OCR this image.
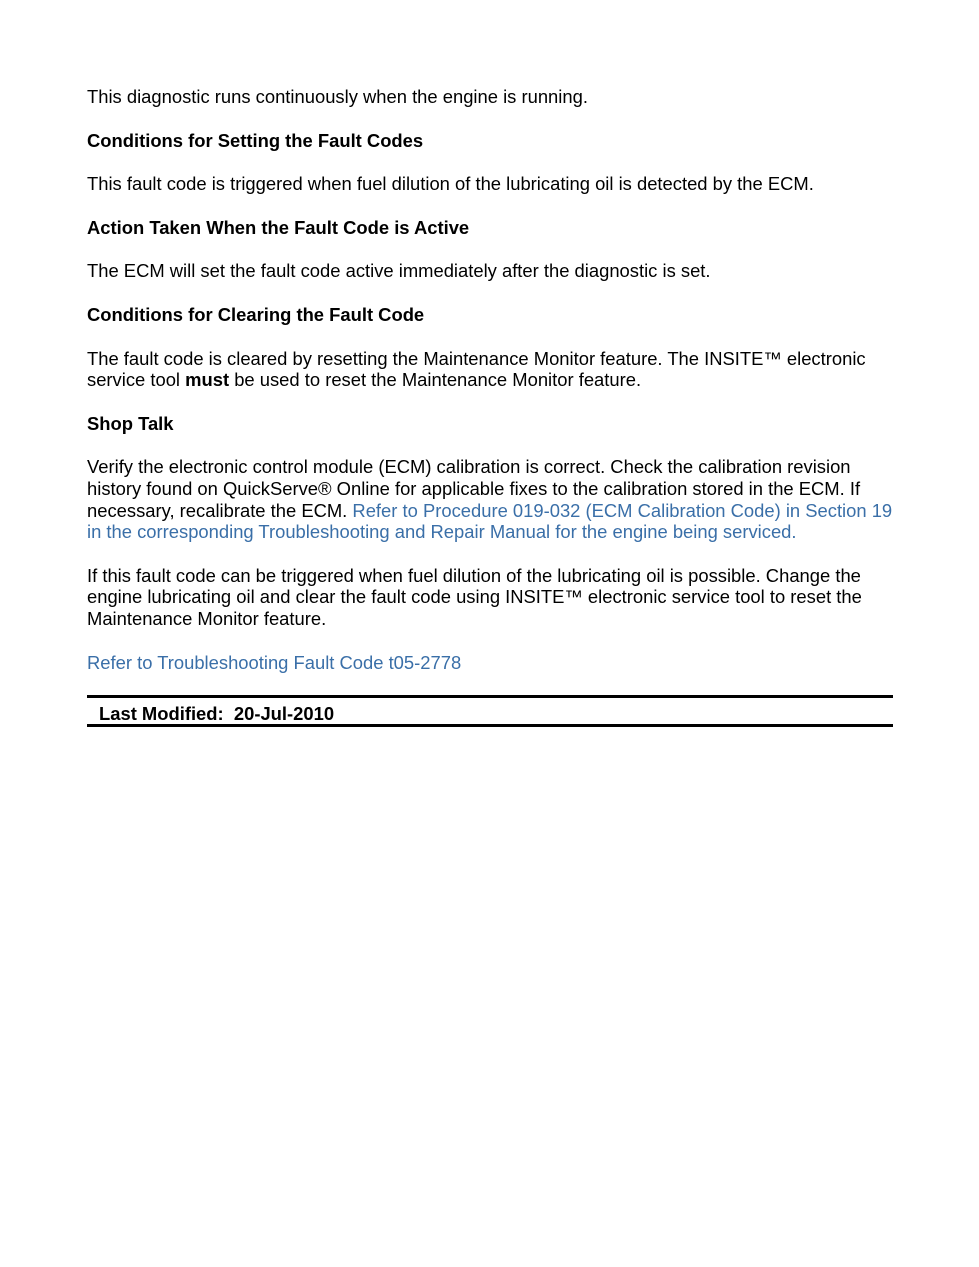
This diagnostic runs continuously when the engine is running.

Conditions for Setting the Fault Codes

This fault code is triggered when fuel dilution of the lubricating oil is detected by the ECM.

Action Taken When the Fault Code is Active

The ECM will set the fault code active immediately after the diagnostic is set.

Conditions for Clearing the Fault Code

The fault code is cleared by resetting the Maintenance Monitor feature. The INSITE™ electronic service tool must be used to reset the Maintenance Monitor feature.

Shop Talk

Verify the electronic control module (ECM) calibration is correct. Check the calibration revision history found on QuickServe® Online for applicable fixes to the calibration stored in the ECM. If necessary, recalibrate the ECM. Refer to Procedure 019-032 (ECM Calibration Code) in Section 19 in the corresponding Troubleshooting and Repair Manual for the engine being serviced.

If this fault code can be triggered when fuel dilution of the lubricating oil is possible. Change the engine lubricating oil and clear the fault code using INSITE™ electronic service tool to reset the Maintenance Monitor feature.

Refer to Troubleshooting Fault Code t05-2778

Last Modified: 20-Jul-2010
